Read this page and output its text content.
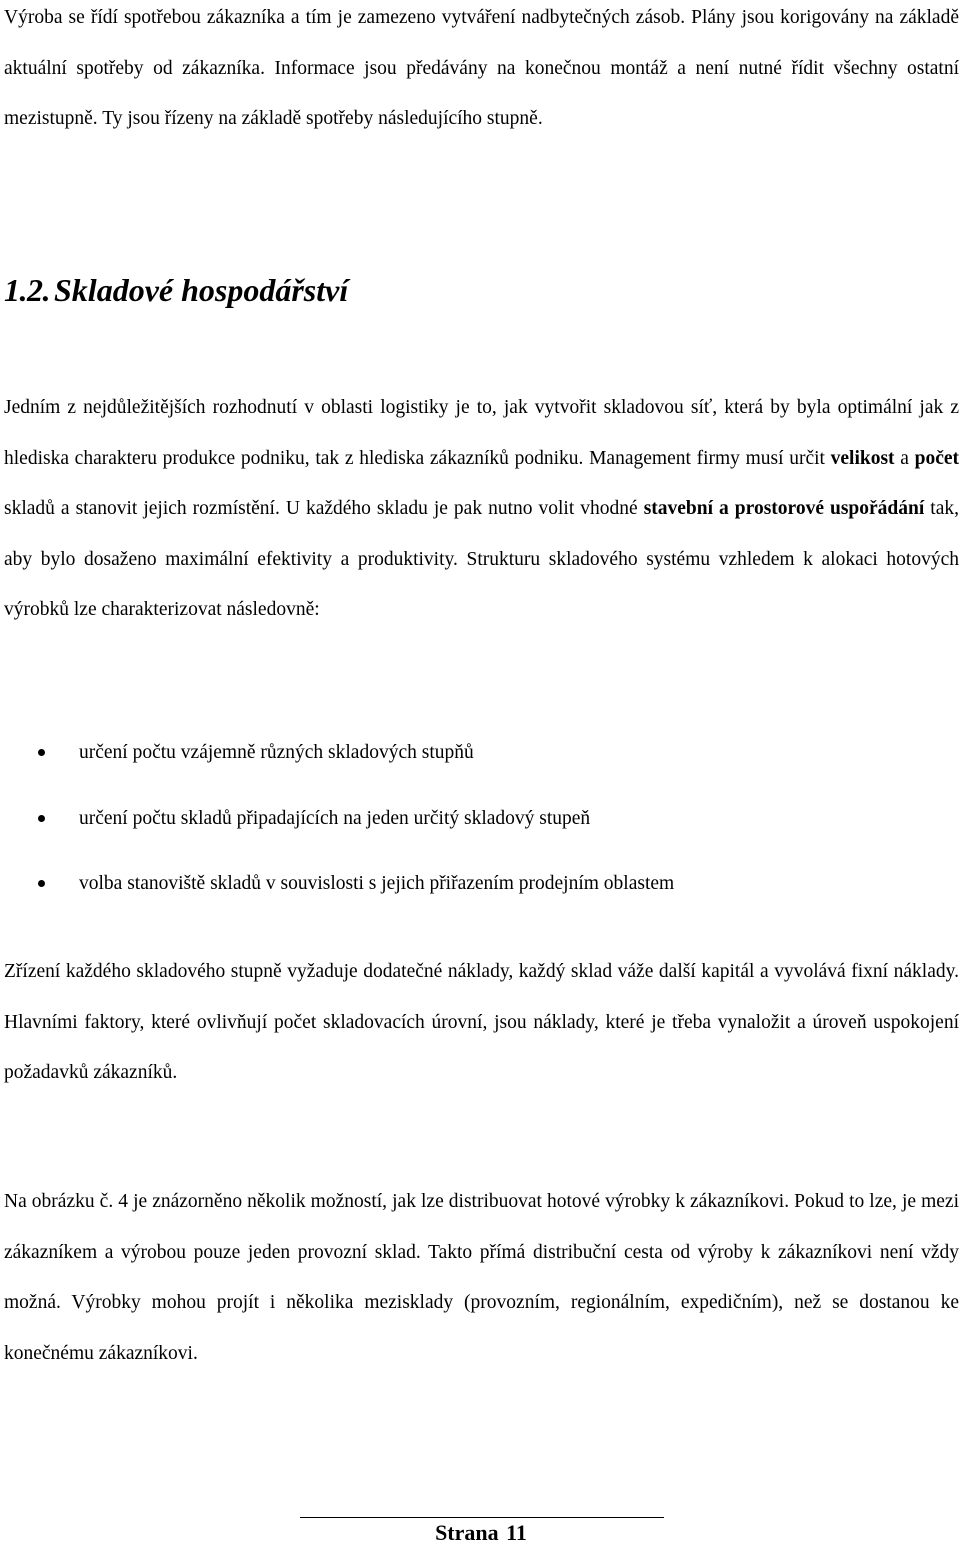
Výroba se řídí spotřebou zákazníka a tím je zamezeno vytváření nadbytečných zásob. Plány jsou korigovány na základě aktuální spotřeby od zákazníka. Informace jsou předávány na konečnou montáž a není nutné řídit všechny ostatní mezistupně. Ty jsou řízeny na základě spotřeby následujícího stupně.

1.2. Skladové hospodářství

Jedním z nejdůležitějších rozhodnutí v oblasti logistiky je to, jak vytvořit skladovou síť, která by byla optimální jak z hlediska charakteru produkce podniku, tak z hlediska zákazníků podniku. Management firmy musí určit velikost a počet skladů a stanovit jejich rozmístění. U každého skladu je pak nutno volit vhodné stavební a prostorové uspořádání tak, aby bylo dosaženo maximální efektivity a produktivity. Strukturu skladového systému vzhledem k alokaci hotových výrobků lze charakterizovat následovně:

určení počtu vzájemně různých skladových stupňů
určení počtu skladů připadajících na jeden určitý skladový stupeň
volba stanoviště skladů v souvislosti s jejich přiřazením prodejním oblastem

Zřízení každého skladového stupně vyžaduje dodatečné náklady, každý sklad váže další kapitál a vyvolává fixní náklady. Hlavními faktory, které ovlivňují počet skladovacích úrovní, jsou náklady, které je třeba vynaložit a úroveň uspokojení požadavků zákazníků.

Na obrázku č. 4 je znázorněno několik možností, jak lze distribuovat hotové výrobky k zákazníkovi. Pokud to lze, je mezi zákazníkem a výrobou pouze jeden provozní sklad. Takto přímá distribuční cesta od výroby k zákazníkovi není vždy možná. Výrobky mohou projít i několika mezisklady (provozním, regionálním, expedičním), než se dostanou ke konečnému zákazníkovi.

Strana 11
